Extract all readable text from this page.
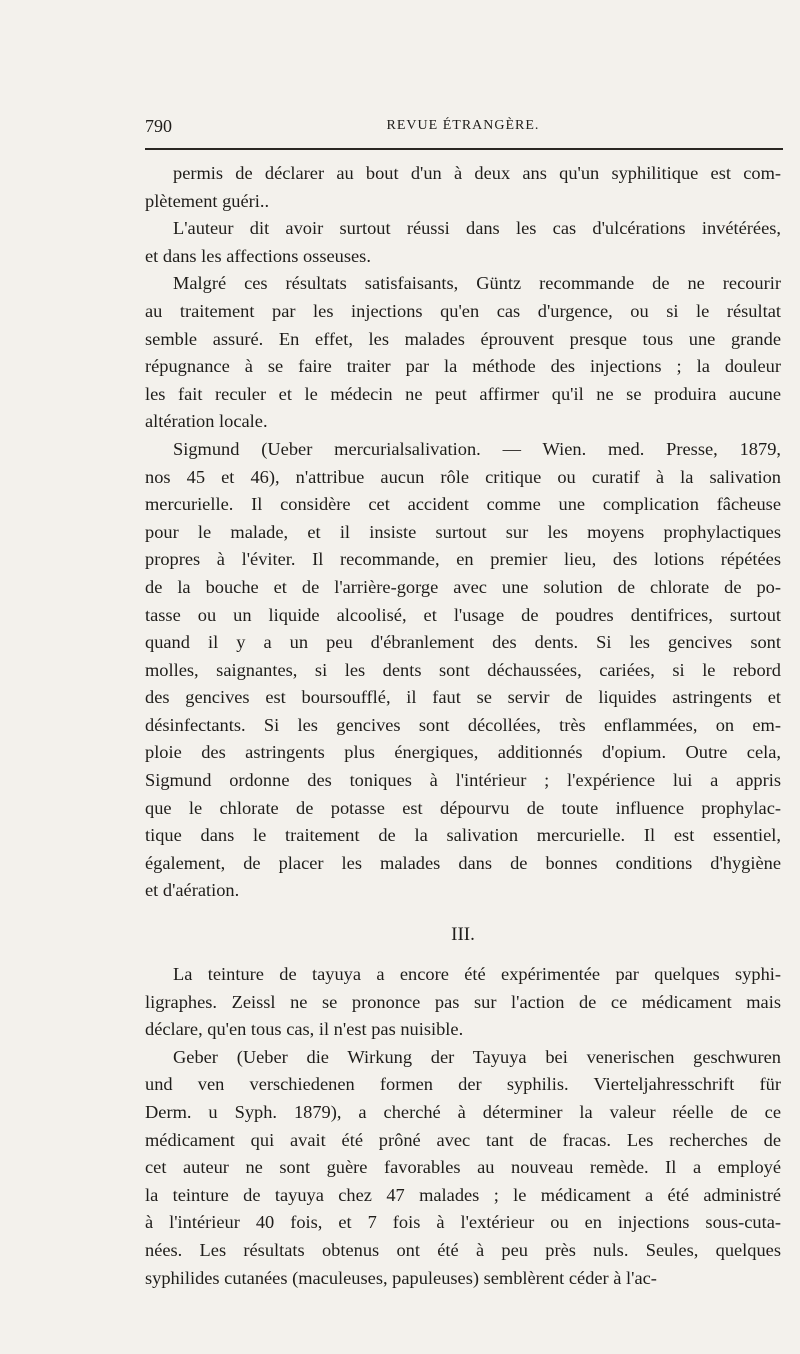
790	REVUE ÉTRANGÈRE.
permis de déclarer au bout d'un à deux ans qu'un syphilitique est com-
plètement guéri..
L'auteur dit avoir surtout réussi dans les cas d'ulcérations invétérées,
et dans les affections osseuses.
Malgré ces résultats satisfaisants, Güntz recommande de ne recourir
au traitement par les injections qu'en cas d'urgence, ou si le résultat
semble assuré. En effet, les malades éprouvent presque tous une grande
répugnance à se faire traiter par la méthode des injections ; la douleur
les fait reculer et le médecin ne peut affirmer qu'il ne se produira aucune
altération locale.
Sigmund (Ueber mercurialsalivation. — Wien. med. Presse, 1879,
nos 45 et 46), n'attribue aucun rôle critique ou curatif à la salivation
mercurielle. Il considère cet accident comme une complication fâcheuse
pour le malade, et il insiste surtout sur les moyens prophylactiques
propres à l'éviter. Il recommande, en premier lieu, des lotions répétées
de la bouche et de l'arrière-gorge avec une solution de chlorate de po-
tasse ou un liquide alcoolisé, et l'usage de poudres dentifrices, surtout
quand il y a un peu d'ébranlement des dents. Si les gencives sont
molles, saignantes, si les dents sont déchaussées, cariées, si le rebord
des gencives est boursoufflé, il faut se servir de liquides astringents et
désinfectants. Si les gencives sont décollées, très enflammées, on em-
ploie des astringents plus énergiques, additionnés d'opium. Outre cela,
Sigmund ordonne des toniques à l'intérieur ; l'expérience lui a appris
que le chlorate de potasse est dépourvu de toute influence prophylac-
tique dans le traitement de la salivation mercurielle. Il est essentiel,
également, de placer les malades dans de bonnes conditions d'hygiène
et d'aération.
III.
La teinture de tayuya a encore été expérimentée par quelques syphi-
ligraphes. Zeissl ne se prononce pas sur l'action de ce médicament mais
déclare, qu'en tous cas, il n'est pas nuisible.
Geber (Ueber die Wirkung der Tayuya bei venerischen geschwuren
und ven verschiedenen formen der syphilis. Vierteljahresschrift für
Derm. u Syph. 1879), a cherché à déterminer la valeur réelle de ce
médicament qui avait été prôné avec tant de fracas. Les recherches de
cet auteur ne sont guère favorables au nouveau remède. Il a employé
la teinture de tayuya chez 47 malades ; le médicament a été administré
à l'intérieur 40 fois, et 7 fois à l'extérieur ou en injections sous-cuta-
nées. Les résultats obtenus ont été à peu près nuls. Seules, quelques
syphilides cutanées (maculeuses, papuleuses) semblèrent céder à l'ac-
